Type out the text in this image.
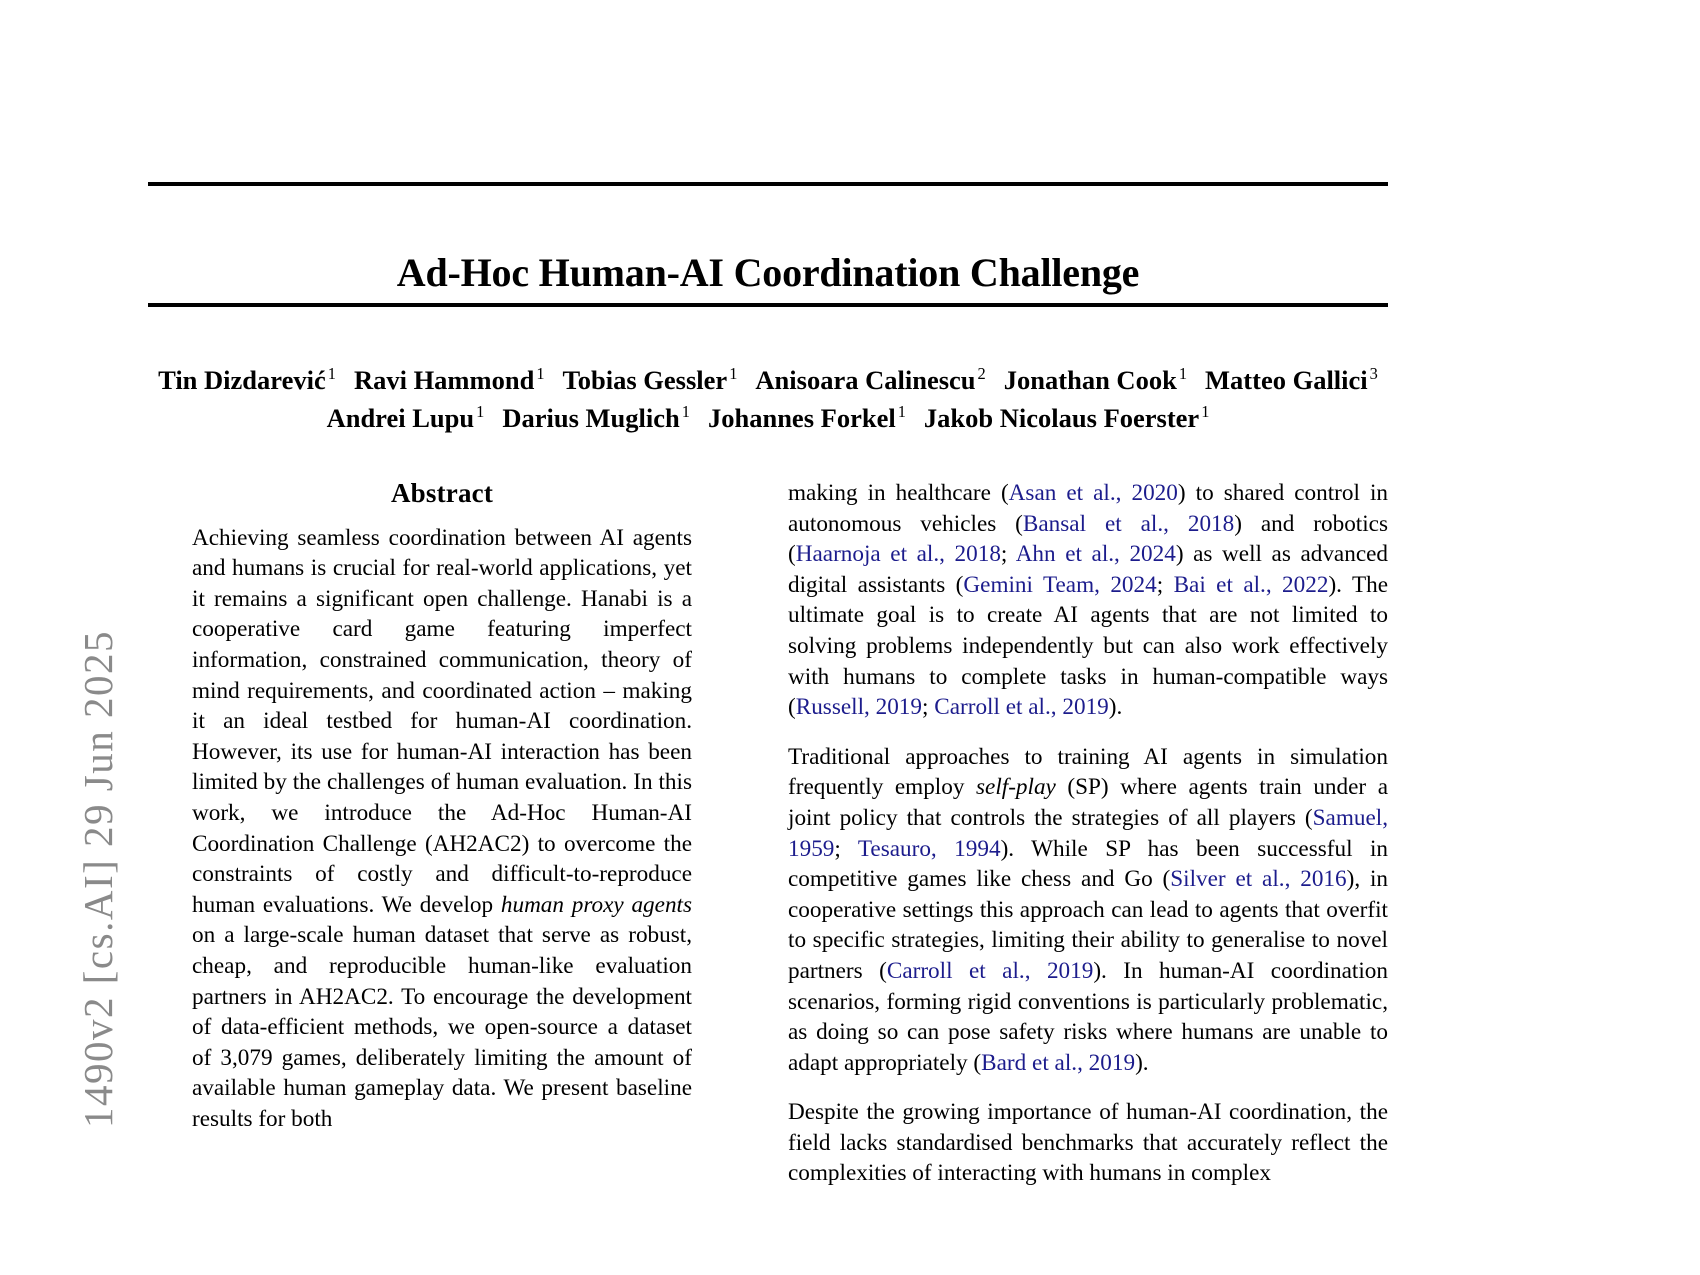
1490v2 [cs.AI] 29 Jun 2025
Ad-Hoc Human-AI Coordination Challenge
Tin Dizdarević $^1$ Ravi Hammond $^1$ Tobias Gessler $^1$ Anisoara Calinescu $^2$ Jonathan Cook $^1$ Matteo Gallici $^3$
Andrei Lupu $^1$ Darius Muglich $^1$ Johannes Forkel $^1$ Jakob Nicolaus Foerster $^1$
Abstract

Achieving seamless coordination between AI agents and humans is crucial for real-world applications, yet it remains a significant open challenge. Hanabi is a cooperative card game featuring imperfect information, constrained communication, theory of mind requirements, and coordinated action – making it an ideal testbed for human-AI coordination. However, its use for human-AI interaction has been limited by the challenges of human evaluation. In this work, we introduce the Ad-Hoc Human-AI Coordination Challenge (AH2AC2) to overcome the constraints of costly and difficult-to-reproduce human evaluations. We develop human proxy agents on a large-scale human dataset that serve as robust, cheap, and reproducible human-like evaluation partners in AH2AC2. To encourage the development of data-efficient methods, we open-source a dataset of 3,079 games, deliberately limiting the amount of available human gameplay data. We present baseline results for both

making in healthcare (Asan et al., 2020) to shared control in autonomous vehicles (Bansal et al., 2018) and robotics (Haarnoja et al., 2018; Ahn et al., 2024) as well as advanced digital assistants (Gemini Team, 2024; Bai et al., 2022). The ultimate goal is to create AI agents that are not limited to solving problems independently but can also work effectively with humans to complete tasks in human-compatible ways (Russell, 2019; Carroll et al., 2019).

Traditional approaches to training AI agents in simulation frequently employ self-play (SP) where agents train under a joint policy that controls the strategies of all players (Samuel, 1959; Tesauro, 1994). While SP has been successful in competitive games like chess and Go (Silver et al., 2016), in cooperative settings this approach can lead to agents that overfit to specific strategies, limiting their ability to generalise to novel partners (Carroll et al., 2019). In human-AI coordination scenarios, forming rigid conventions is particularly problematic, as doing so can pose safety risks where humans are unable to adapt appropriately (Bard et al., 2019).

Despite the growing importance of human-AI coordination, the field lacks standardised benchmarks that accurately reflect the complexities of interacting with humans in complex
